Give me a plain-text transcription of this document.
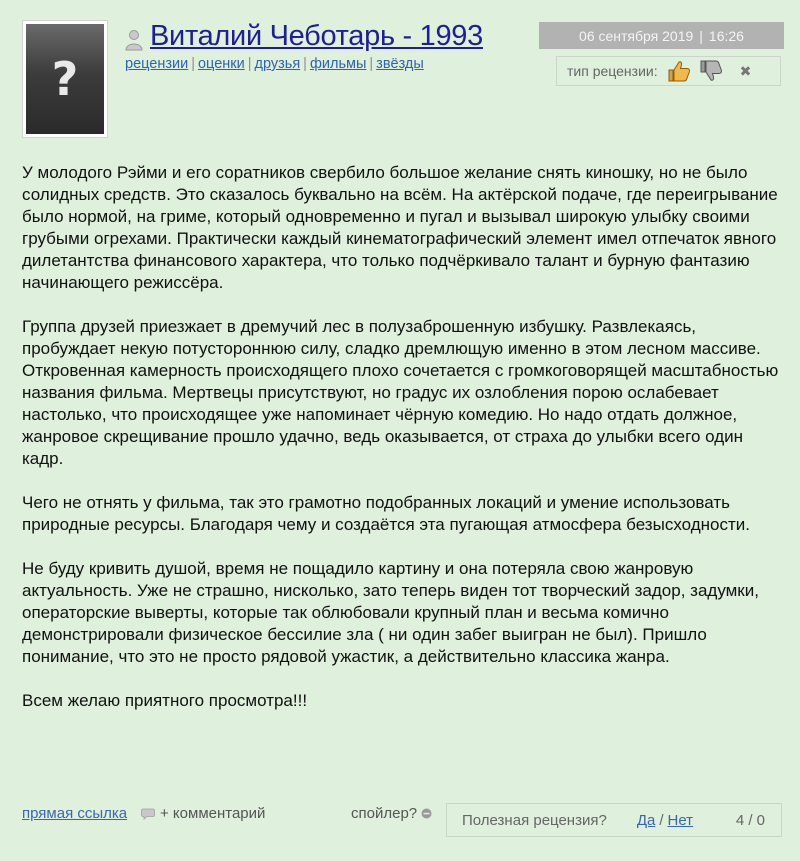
?
Виталий Чеботарь - 1993
рецензии | оценки | друзья | фильмы | звёзды
06 сентября 2019 | 16:26
тип рецензии:	✖

У молодого Рэйми и его соратников свербило большое желание снять киношку, но не было солидных средств. Это сказалось буквально на всём. На актёрской подаче, где переигрывание было нормой, на гриме, который одновременно и пугал и вызывал широкую улыбку своими грубыми огрехами. Практически каждый кинематографический элемент имел отпечаток явного дилетантства финансового характера, что только подчёркивало талант и бурную фантазию начинающего режиссёра.

Группа друзей приезжает в дремучий лес в полузаброшенную избушку. Развлекаясь, пробуждает некую потустороннюю силу, сладко дремлющую именно в этом лесном массиве. Откровенная камерность происходящего плохо сочетается с громкоговорящей масштабностью названия фильма. Мертвецы присутствуют, но градус их озлобления порою ослабевает настолько, что происходящее уже напоминает чёрную комедию. Но надо отдать должное, жанровое скрещивание прошло удачно, ведь оказывается, от страха до улыбки всего один кадр.

Чего не отнять у фильма, так это грамотно подобранных локаций и умение использовать природные ресурсы. Благодаря чему и создаётся эта пугающая атмосфера безысходности.

Не буду кривить душой, время не пощадило картину и она потеряла свою жанровую актуальность. Уже не страшно, нисколько, зато теперь виден тот творческий задор, задумки, операторские выверты, которые так облюбовали крупный план и весьма комично демонстрировали физическое бессилие зла ( ни один забег выигран не был). Пришло понимание, что это не просто рядовой ужастик, а действительно классика жанра.

Всем желаю приятного просмотра!!!

прямая ссылка + комментарий	спойлер?	Полезная рецензия? Да / Нет	4 / 0
